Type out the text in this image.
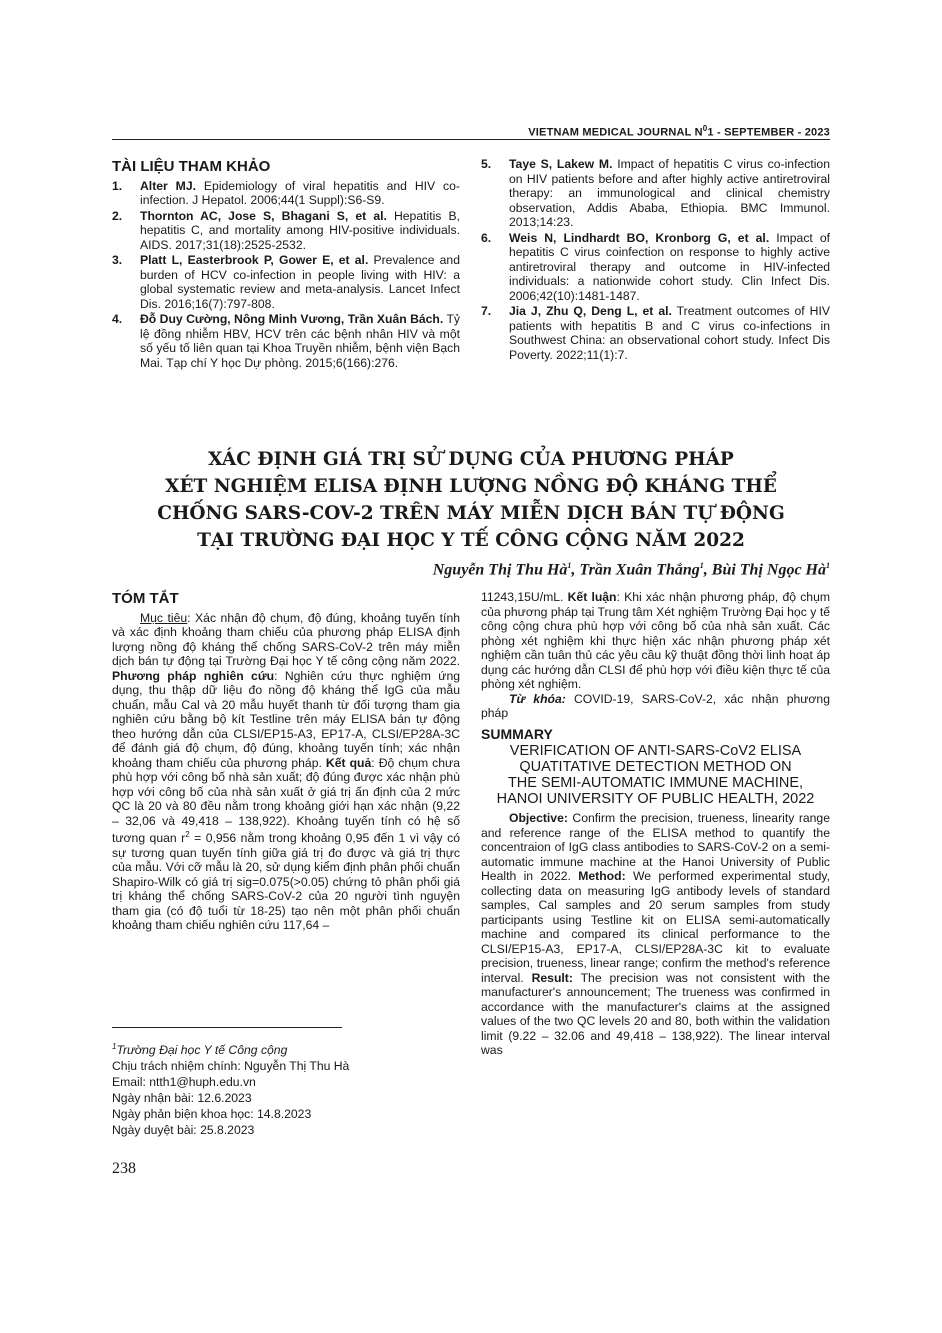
VIETNAM MEDICAL JOURNAL $N^01$ - SEPTEMBER - 2023
TÀI LIỆU THAM KHẢO
1.	Alter MJ. Epidemiology of viral hepatitis and HIV co-infection. J Hepatol. 2006;44(1 Suppl):S6-S9.
2.	Thornton AC, Jose S, Bhagani S, et al. Hepatitis B, hepatitis C, and mortality among HIV-positive individuals. AIDS. 2017;31(18):2525-2532.
3.	Platt L, Easterbrook P, Gower E, et al. Prevalence and burden of HCV co-infection in people living with HIV: a global systematic review and meta-analysis. Lancet Infect Dis. 2016;16(7):797-808.
4.	Đỗ Duy Cường, Nông Minh Vương, Trần Xuân Bách. Tỷ lệ đồng nhiễm HBV, HCV trên các bệnh nhân HIV và một số yếu tố liên quan tại Khoa Truyền nhiễm, bệnh viện Bạch Mai. Tạp chí Y học Dự phòng. 2015;6(166):276.
5.	Taye S, Lakew M. Impact of hepatitis C virus co-infection on HIV patients before and after highly active antiretroviral therapy: an immunological and clinical chemistry observation, Addis Ababa, Ethiopia. BMC Immunol. 2013;14:23.
6.	Weis N, Lindhardt BO, Kronborg G, et al. Impact of hepatitis C virus coinfection on response to highly active antiretroviral therapy and outcome in HIV-infected individuals: a nationwide cohort study. Clin Infect Dis. 2006;42(10):1481-1487.
7.	Jia J, Zhu Q, Deng L, et al. Treatment outcomes of HIV patients with hepatitis B and C virus co-infections in Southwest China: an observational cohort study. Infect Dis Poverty. 2022;11(1):7.
XÁC ĐỊNH GIÁ TRỊ SỬ DỤNG CỦA PHƯƠNG PHÁP
XÉT NGHIỆM ELISA ĐỊNH LƯỢNG NỒNG ĐỘ KHÁNG THỂ
CHỐNG SARS-COV-2 TRÊN MÁY MIỄN DỊCH BÁN TỰ ĐỘNG
TẠI TRƯỜNG ĐẠI HỌC Y TẾ CÔNG CỘNG NĂM 2022
Nguyễn Thị Thu $Hà^1$, Trần Xuân Thắng$^1$, Bùi Thị Ngọc $Hà^1$
TÓM TẮT
Mục tiêu: Xác nhận độ chụm, độ đúng, khoảng tuyến tính và xác định khoảng tham chiếu của phương pháp ELISA định lượng nồng độ kháng thể chống SARS-CoV-2 trên máy miễn dịch bán tự động tại Trường Đại học Y tế công cộng năm 2022. Phương pháp nghiên cứu: Nghiên cứu thực nghiệm ứng dụng, thu thập dữ liệu đo nồng độ kháng thể IgG của mẫu chuẩn, mẫu Cal và 20 mẫu huyết thanh từ đối tượng tham gia nghiên cứu bằng bộ kít Testline trên máy ELISA bán tự động theo hướng dẫn của CLSI/EP15-A3, EP17-A, CLSI/EP28A-3C để đánh giá độ chụm, độ đúng, khoảng tuyến tính; xác nhận khoảng tham chiếu của phương pháp. Kết quả: Độ chụm chưa phù hợp với công bố nhà sản xuất; độ đúng được xác nhận phù hợp với công bố của nhà sản xuất ở giá trị ấn định của 2 mức QC là 20 và 80 đều nằm trong khoảng giới hạn xác nhận (9,22 – 32,06 và 49,418 – 138,922). Khoảng tuyến tính có hệ số tương quan $r^2 = 0,956$ nằm trong khoảng 0,95 đến 1 vì vậy có sự tương quan tuyến tính giữa giá trị đo được và giá trị thực của mẫu. Với cỡ mẫu là 20, sử dụng kiểm định phân phối chuẩn Shapiro-Wilk có giá trị sig=0.075(>0.05) chứng tỏ phân phối giá trị kháng thể chống SARS-CoV-2 của 20 người tình nguyện tham gia (có độ tuổi từ 18-25) tạo nên một phân phối chuẩn khoảng tham chiếu nghiên cứu 117,64 –
11243,15U/mL. Kết luận: Khi xác nhận phương pháp, độ chụm của phương pháp tại Trung tâm Xét nghiệm Trường Đại học y tế công cộng chưa phù hợp với công bố của nhà sản xuất. Các phòng xét nghiệm khi thực hiện xác nhận phương pháp xét nghiệm cần tuân thủ các yêu cầu kỹ thuật đồng thời linh hoạt áp dụng các hướng dẫn CLSI để phù hợp với điều kiện thực tế của phòng xét nghiệm.
Từ khóa: COVID-19, SARS-CoV-2, xác nhận phương pháp
SUMMARY
VERIFICATION OF ANTI-SARS-CoV2 ELISA
QUATITATIVE DETECTION METHOD ON
THE SEMI-AUTOMATIC IMMUNE MACHINE,
HANOI UNIVERSITY OF PUBLIC HEALTH, 2022
Objective: Confirm the precision, trueness, linearity range and reference range of the ELISA method to quantify the concentraion of IgG class antibodies to SARS-CoV-2 on a semi-automatic immune machine at the Hanoi University of Public Health in 2022. Method: We performed experimental study, collecting data on measuring IgG antibody levels of standard samples, Cal samples and 20 serum samples from study participants using Testline kit on ELISA semi-automatically machine and compared its clinical performance to the CLSI/EP15-A3, EP17-A, CLSI/EP28A-3C kit to evaluate precision, trueness, linear range; confirm the method's reference interval. Result: The precision was not consistent with the manufacturer's announcement; The trueness was confirmed in accordance with the manufacturer's claims at the assigned values of the two QC levels 20 and 80, both within the validation limit (9.22 – 32.06 and 49,418 – 138,922). The linear interval was
$^1$Trường Đại học Y tế Công cộng
Chịu trách nhiệm chính: Nguyễn Thị Thu Hà
Email: ntth1@huph.edu.vn
Ngày nhận bài: 12.6.2023
Ngày phản biện khoa học: 14.8.2023
Ngày duyệt bài: 25.8.2023
238
